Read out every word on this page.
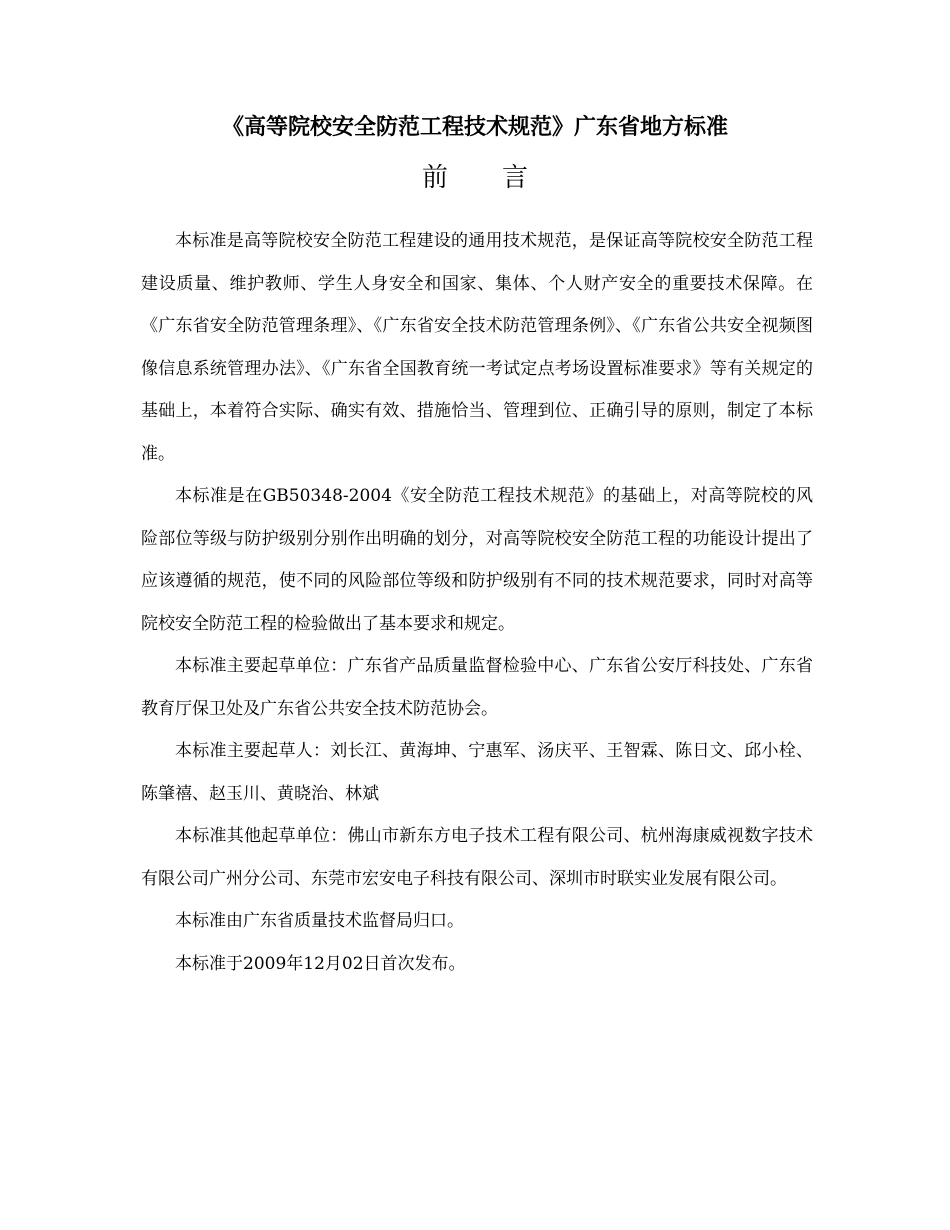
《高等院校安全防范工程技术规范》广东省地方标准
前言

本标准是高等院校安全防范工程建设的通用技术规范，是保证高等院校安全防范工程建设质量、维护教师、学生人身安全和国家、集体、个人财产安全的重要技术保障。在《广东省安全防范管理条理》、《广东省安全技术防范管理条例》、《广东省公共安全视频图像信息系统管理办法》、《广东省全国教育统一考试定点考场设置标准要求》等有关规定的基础上，本着符合实际、确实有效、措施恰当、管理到位、正确引导的原则，制定了本标准。

本标准是在GB50348-2004《安全防范工程技术规范》的基础上，对高等院校的风险部位等级与防护级别分别作出明确的划分，对高等院校安全防范工程的功能设计提出了应该遵循的规范，使不同的风险部位等级和防护级别有不同的技术规范要求，同时对高等院校安全防范工程的检验做出了基本要求和规定。

本标准主要起草单位：广东省产品质量监督检验中心、广东省公安厅科技处、广东省教育厅保卫处及广东省公共安全技术防范协会。

本标准主要起草人：刘长江、黄海坤、宁惠军、汤庆平、王智霖、陈日文、邱小栓、陈肇禧、赵玉川、黄晓治、林斌

本标准其他起草单位：佛山市新东方电子技术工程有限公司、杭州海康威视数字技术有限公司广州分公司、东莞市宏安电子科技有限公司、深圳市时联实业发展有限公司。

本标准由广东省质量技术监督局归口。

本标准于2009年12月02日首次发布。
